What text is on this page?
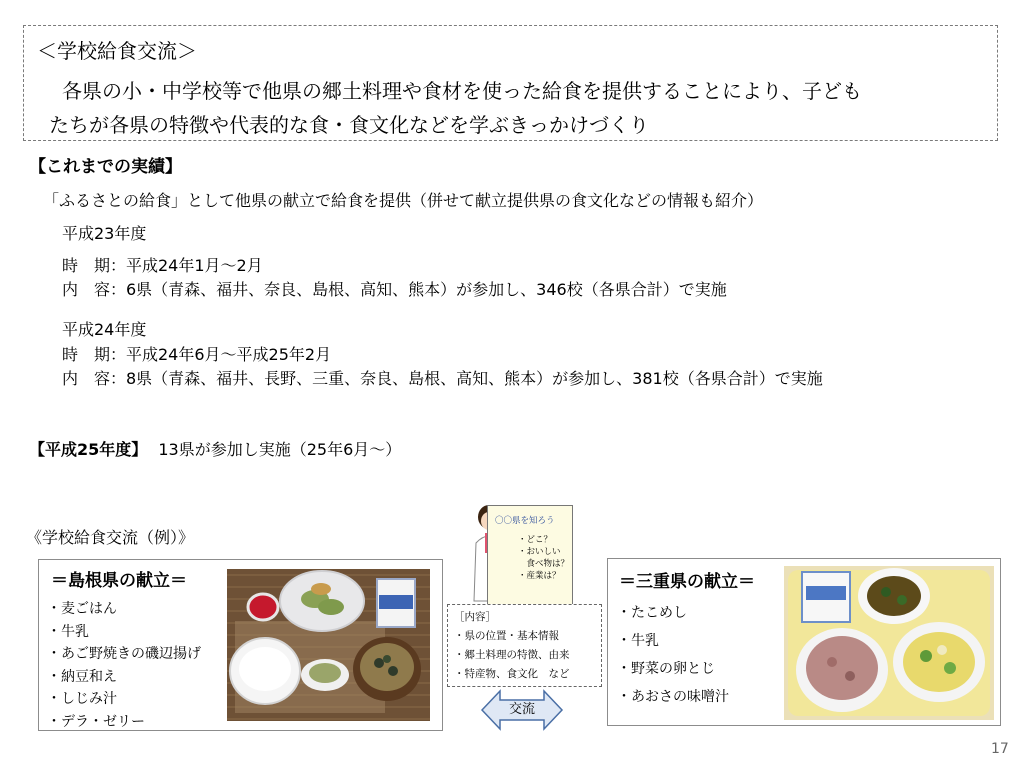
＜学校給食交流＞
各県の小・中学校等で他県の郷土料理や食材を使った給食を提供することにより、子ども
たちが各県の特徴や代表的な食・食文化などを学ぶきっかけづくり
【これまでの実績】
「ふるさとの給食」として他県の献立で給食を提供（併せて献立提供県の食文化などの情報も紹介）
平成23年度
時　期：平成24年1月～2月
内　容：6県（青森、福井、奈良、島根、高知、熊本）が参加し、346校（各県合計）で実施
平成24年度
時　期：平成24年6月～平成25年2月
内　容：8県（青森、福井、長野、三重、奈良、島根、高知、熊本）が参加し、381校（各県合計）で実施
【平成25年度】 13県が参加し実施（25年6月～）
《学校給食交流（例）》
＝島根県の献立＝
・麦ごはん
・牛乳
・あご野焼きの磯辺揚げ
・納豆和え
・しじみ汁
・デラ・ゼリー
〇〇県を知ろう
・どこ？
・おいしい
　食べ物は？
・産業は？
［内容］
・県の位置・基本情報
・郷土料理の特徴、由来
・特産物、食文化　など
交流
＝三重県の献立＝
・たこめし
・牛乳
・野菜の卵とじ
・あおさの味噌汁
17
